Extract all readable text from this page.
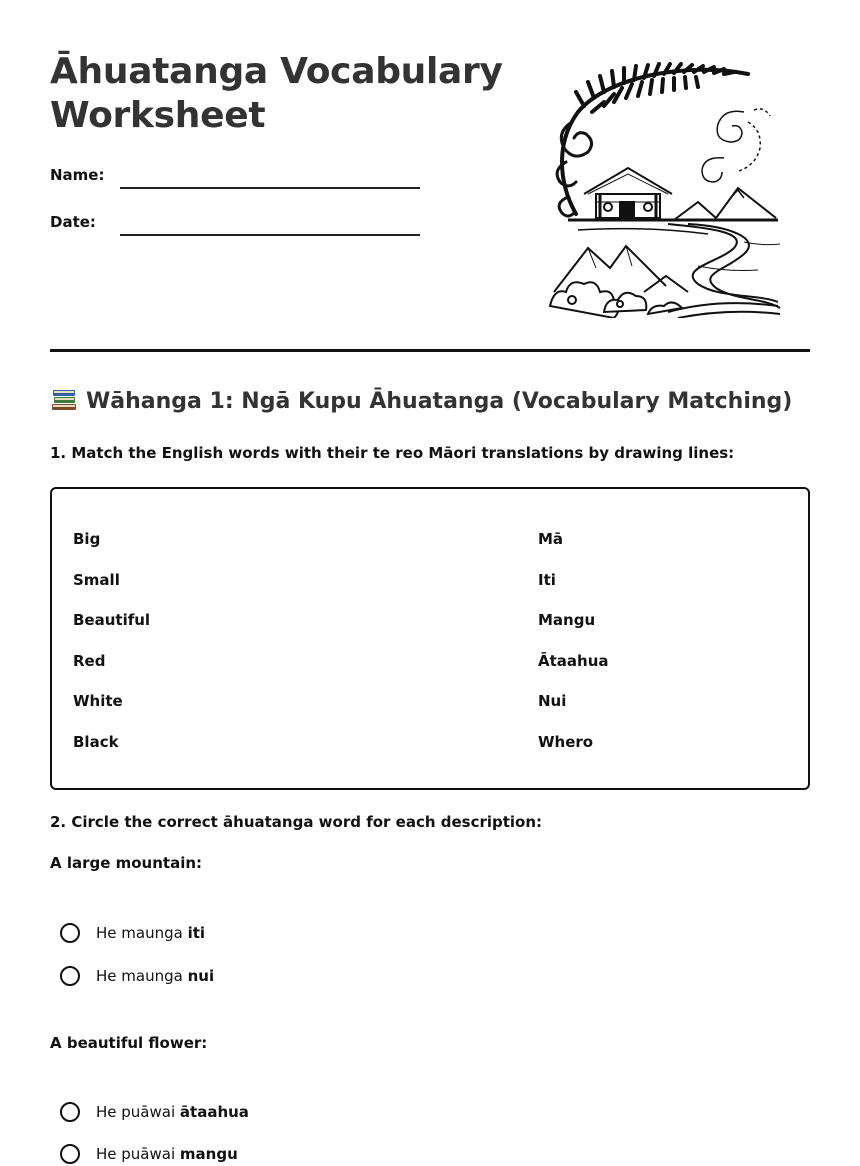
Āhuatanga Vocabulary Worksheet
Name:
Date:
Wāhanga 1: Ngā Kupu Āhuatanga (Vocabulary Matching)
1. Match the English words with their te reo Māori translations by drawing lines:
Big
Small
Beautiful
Red
White
Black
Mā
Iti
Mangu
Ātaahua
Nui
Whero
2. Circle the correct āhuatanga word for each description:
A large mountain:
He maunga iti
He maunga nui
A beautiful flower:
He puāwai ātaahua
He puāwai mangu
